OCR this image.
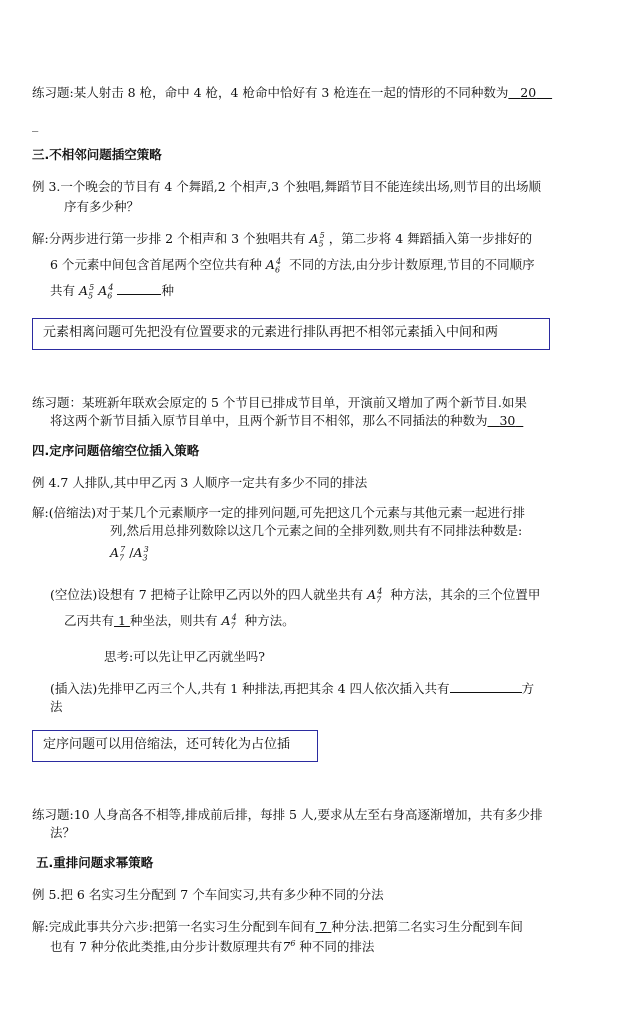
练习题:某人射击 8 枪，命中 4 枪，4 枪命中恰好有 3 枪连在一起的情形的不同种数为 20
_
三.不相邻问题插空策略
例 3.一个晚会的节目有 4 个舞蹈,2 个相声,3 个独唱,舞蹈节目不能连续出场,则节目的出场顺
序有多少种？
解:分两步进行第一步排 2 个相声和 3 个独唱共有 $A_5^5$ ，第二步将 4 舞蹈插入第一步排好的
6 个元素中间包含首尾两个空位共有种 $A_6^4$ 不同的方法,由分步计数原理,节目的不同顺序
共有 $A_5^5$ $A_6^4$	种
元素相离问题可先把没有位置要求的元素进行排队再把不相邻元素插入中间和两
练习题：某班新年联欢会原定的 5 个节目已排成节目单，开演前又增加了两个新节目.如果
将这两个新节目插入原节目单中，且两个新节目不相邻，那么不同插法的种数为 30
四.定序问题倍缩空位插入策略
例 4.7 人排队,其中甲乙丙 3 人顺序一定共有多少不同的排法
解:(倍缩法)对于某几个元素顺序一定的排列问题,可先把这几个元素与其他元素一起进行排
列,然后用总排列数除以这几个元素之间的全排列数,则共有不同排法种数是:
$A_7^7$ $/A_3^3$
(空位法)设想有 7 把椅子让除甲乙丙以外的四人就坐共有 $A_7^4$ 种方法，其余的三个位置甲
乙丙共有 1 种坐法，则共有 $A_7^4$ 种方法。
思考:可以先让甲乙丙就坐吗?
(插入法)先排甲乙丙三个人,共有 1 种排法,再把其余 4 四人依次插入共有	方
法
定序问题可以用倍缩法，还可转化为占位插
练习题:10 人身高各不相等,排成前后排，每排 5 人,要求从左至右身高逐渐增加，共有多少排
法？
五.重排问题求幂策略
例 5.把 6 名实习生分配到 7 个车间实习,共有多少种不同的分法
解:完成此事共分六步:把第一名实习生分配到车间有 7 种分法.把第二名实习生分配到车间
也有 7 种分依此类推,由分步计数原理共有$7^6$ 种不同的排法
